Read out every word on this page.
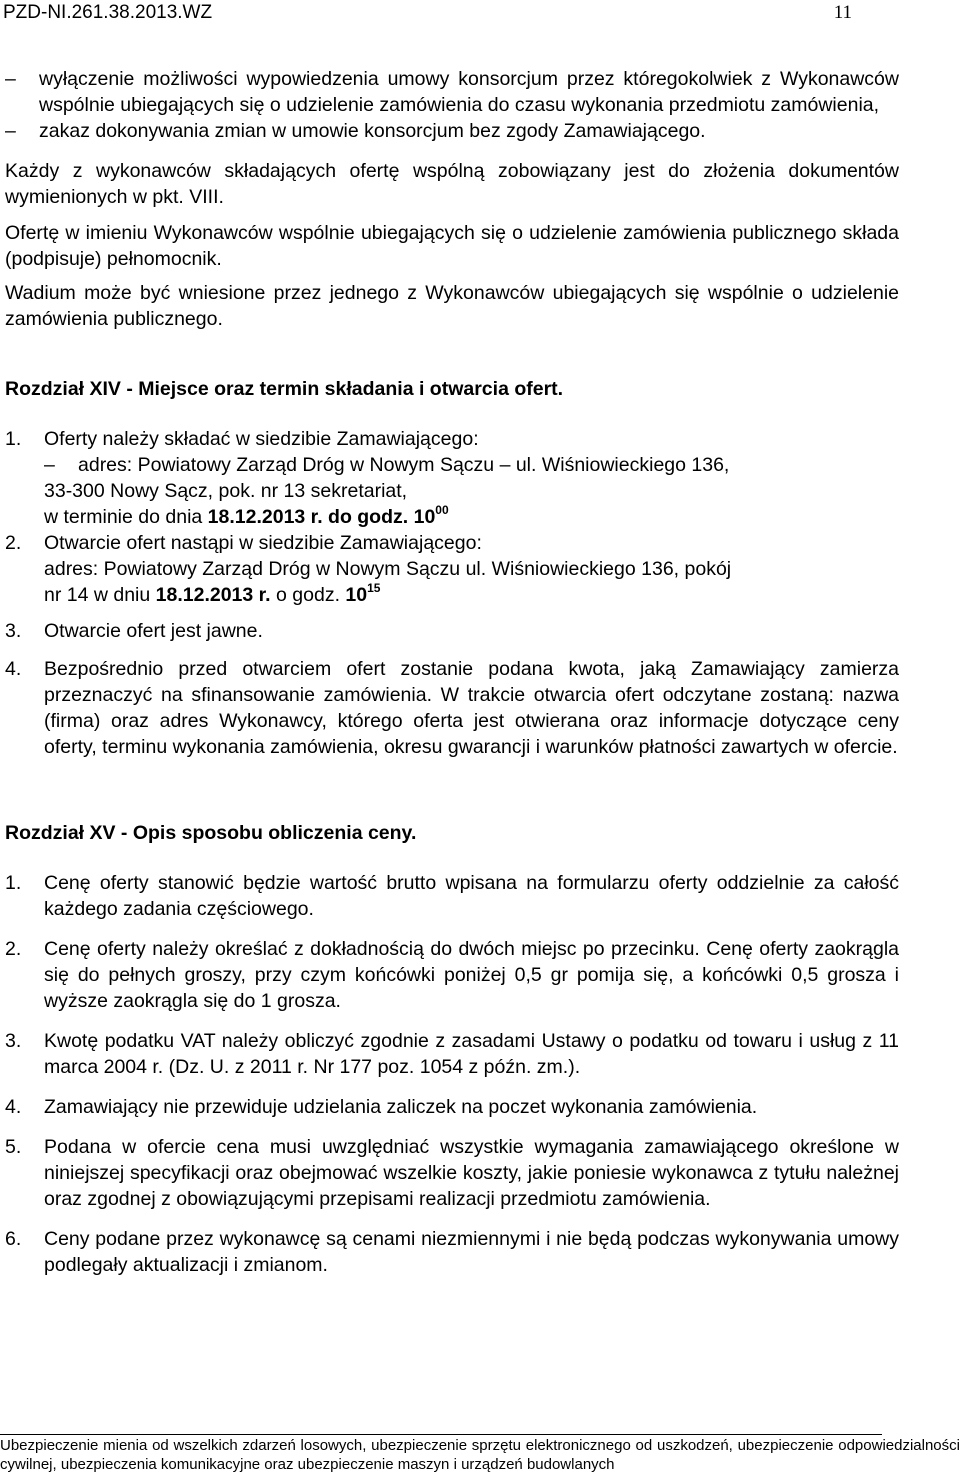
PZD-NI.261.38.2013.WZ	11

– wyłączenie możliwości wypowiedzenia umowy konsorcjum przez któregokolwiek z Wykonawców wspólnie ubiegających się o udzielenie zamówienia do czasu wykonania przedmiotu zamówienia,

– zakaz dokonywania zmian w umowie konsorcjum bez zgody Zamawiającego.

Każdy z wykonawców składających ofertę wspólną zobowiązany jest do złożenia dokumentów wymienionych w pkt. VIII.

Ofertę w imieniu Wykonawców wspólnie ubiegających się o udzielenie zamówienia publicznego składa (podpisuje) pełnomocnik.

Wadium może być wniesione przez jednego z Wykonawców ubiegających się wspólnie o udzielenie zamówienia publicznego.

Rozdział XIV - Miejsce oraz termin składania i otwarcia ofert.
1. Oferty należy składać w siedzibie Zamawiającego:
– adres: Powiatowy Zarząd Dróg w Nowym Sączu – ul. Wiśniowieckiego 136,
33-300 Nowy Sącz, pok. nr 13 sekretariat,
w terminie do dnia 18.12.2013 r. do godz. $10^{00}$
2. Otwarcie ofert nastąpi w siedzibie Zamawiającego:
adres: Powiatowy Zarząd Dróg w Nowym Sączu ul. Wiśniowieckiego 136, pokój
nr 14 w dniu 18.12.2013 r. o godz. $10^{15}$
3. Otwarcie ofert jest jawne.
4. Bezpośrednio przed otwarciem ofert zostanie podana kwota, jaką Zamawiający zamierza przeznaczyć na sfinansowanie zamówienia. W trakcie otwarcia ofert odczytane zostaną: nazwa (firma) oraz adres Wykonawcy, którego oferta jest otwierana oraz informacje dotyczące ceny oferty, terminu wykonania zamówienia, okresu gwarancji i warunków płatności zawartych w ofercie.
Rozdział XV - Opis sposobu obliczenia ceny.
1. Cenę oferty stanowić będzie wartość brutto wpisana na formularzu oferty oddzielnie za całość każdego zadania częściowego.
2. Cenę oferty należy określać z dokładnością do dwóch miejsc po przecinku. Cenę oferty zaokrągla się do pełnych groszy, przy czym końcówki poniżej 0,5 gr pomija się, a końcówki 0,5 grosza i wyższe zaokrągla się do 1 grosza.
3. Kwotę podatku VAT należy obliczyć zgodnie z zasadami Ustawy o podatku od towaru i usług z 11 marca 2004 r. (Dz. U. z 2011 r. Nr 177 poz. 1054 z późn. zm.).
4. Zamawiający nie przewiduje udzielania zaliczek na poczet wykonania zamówienia.
5. Podana w ofercie cena musi uwzględniać wszystkie wymagania zamawiającego określone w niniejszej specyfikacji oraz obejmować wszelkie koszty, jakie poniesie wykonawca z tytułu należnej oraz zgodnej z obowiązującymi przepisami realizacji przedmiotu zamówienia.
6. Ceny podane przez wykonawcę są cenami niezmiennymi i nie będą podczas wykonywania umowy podlegały aktualizacji i zmianom.
Ubezpieczenie mienia od wszelkich zdarzeń losowych, ubezpieczenie sprzętu elektronicznego od uszkodzeń, ubezpieczenie odpowiedzialności cywilnej, ubezpieczenia komunikacyjne oraz ubezpieczenie maszyn i urządzeń budowlanych
